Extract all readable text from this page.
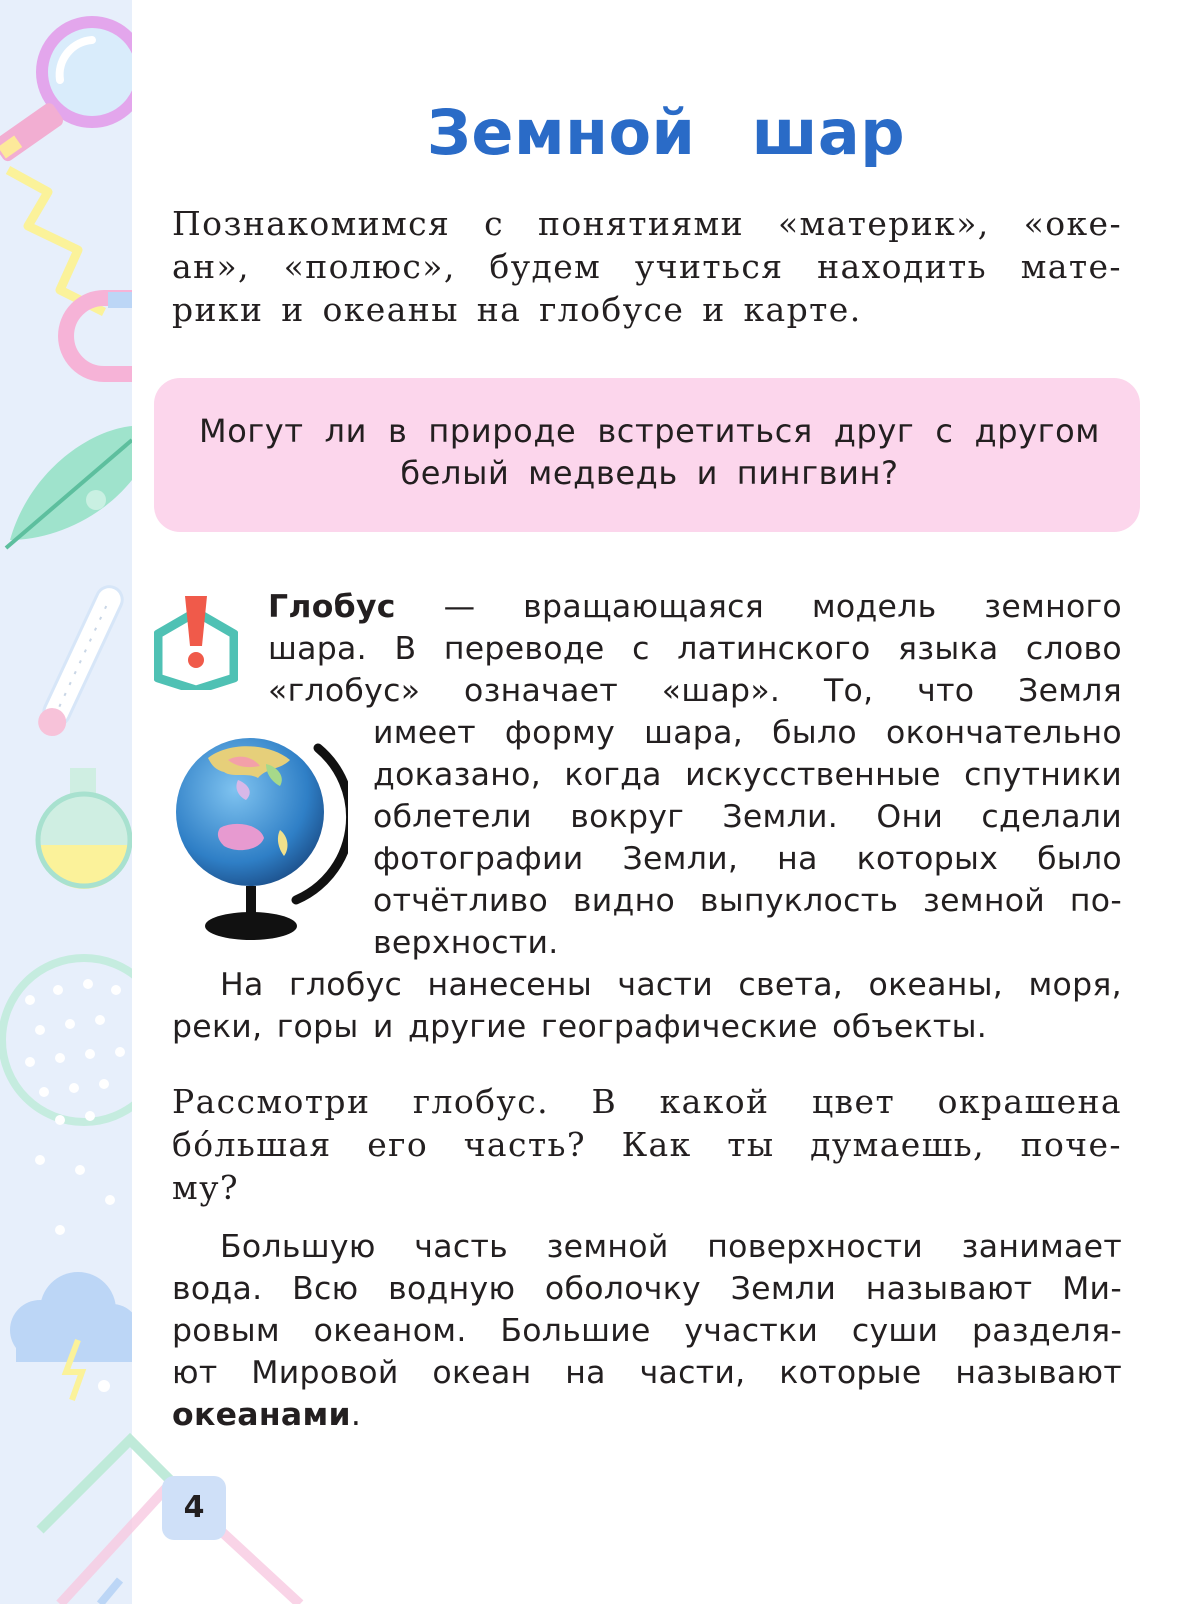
Земной шар
Познакомимся с понятиями «материк», «оке-
ан», «полюс», будем учиться находить мате-
рики и океаны на глобусе и карте.
Могут ли в природе встретиться друг с другом
белый медведь и пингвин?
Глобус — вращающаяся модель земного
шара. В переводе с латинского языка слово
«глобус» означает «шар». То, что Земля
имеет форму шара, было окончательно
доказано, когда искусственные спутники
облетели вокруг Земли. Они сделали
фотографии Земли, на которых было
отчётливо видно выпуклость земной по-
верхности.
На глобус нанесены части света, океаны, моря,
реки, горы и другие географические объекты.
Рассмотри глобус. В какой цвет окрашена
бо́льшая его часть? Как ты думаешь, поче-
му?
Большую часть земной поверхности занимает
вода. Всю водную оболочку Земли называют Ми-
ровым океаном. Большие участки суши разделя-
ют Мировой океан на части, которые называют
океанами.
4
